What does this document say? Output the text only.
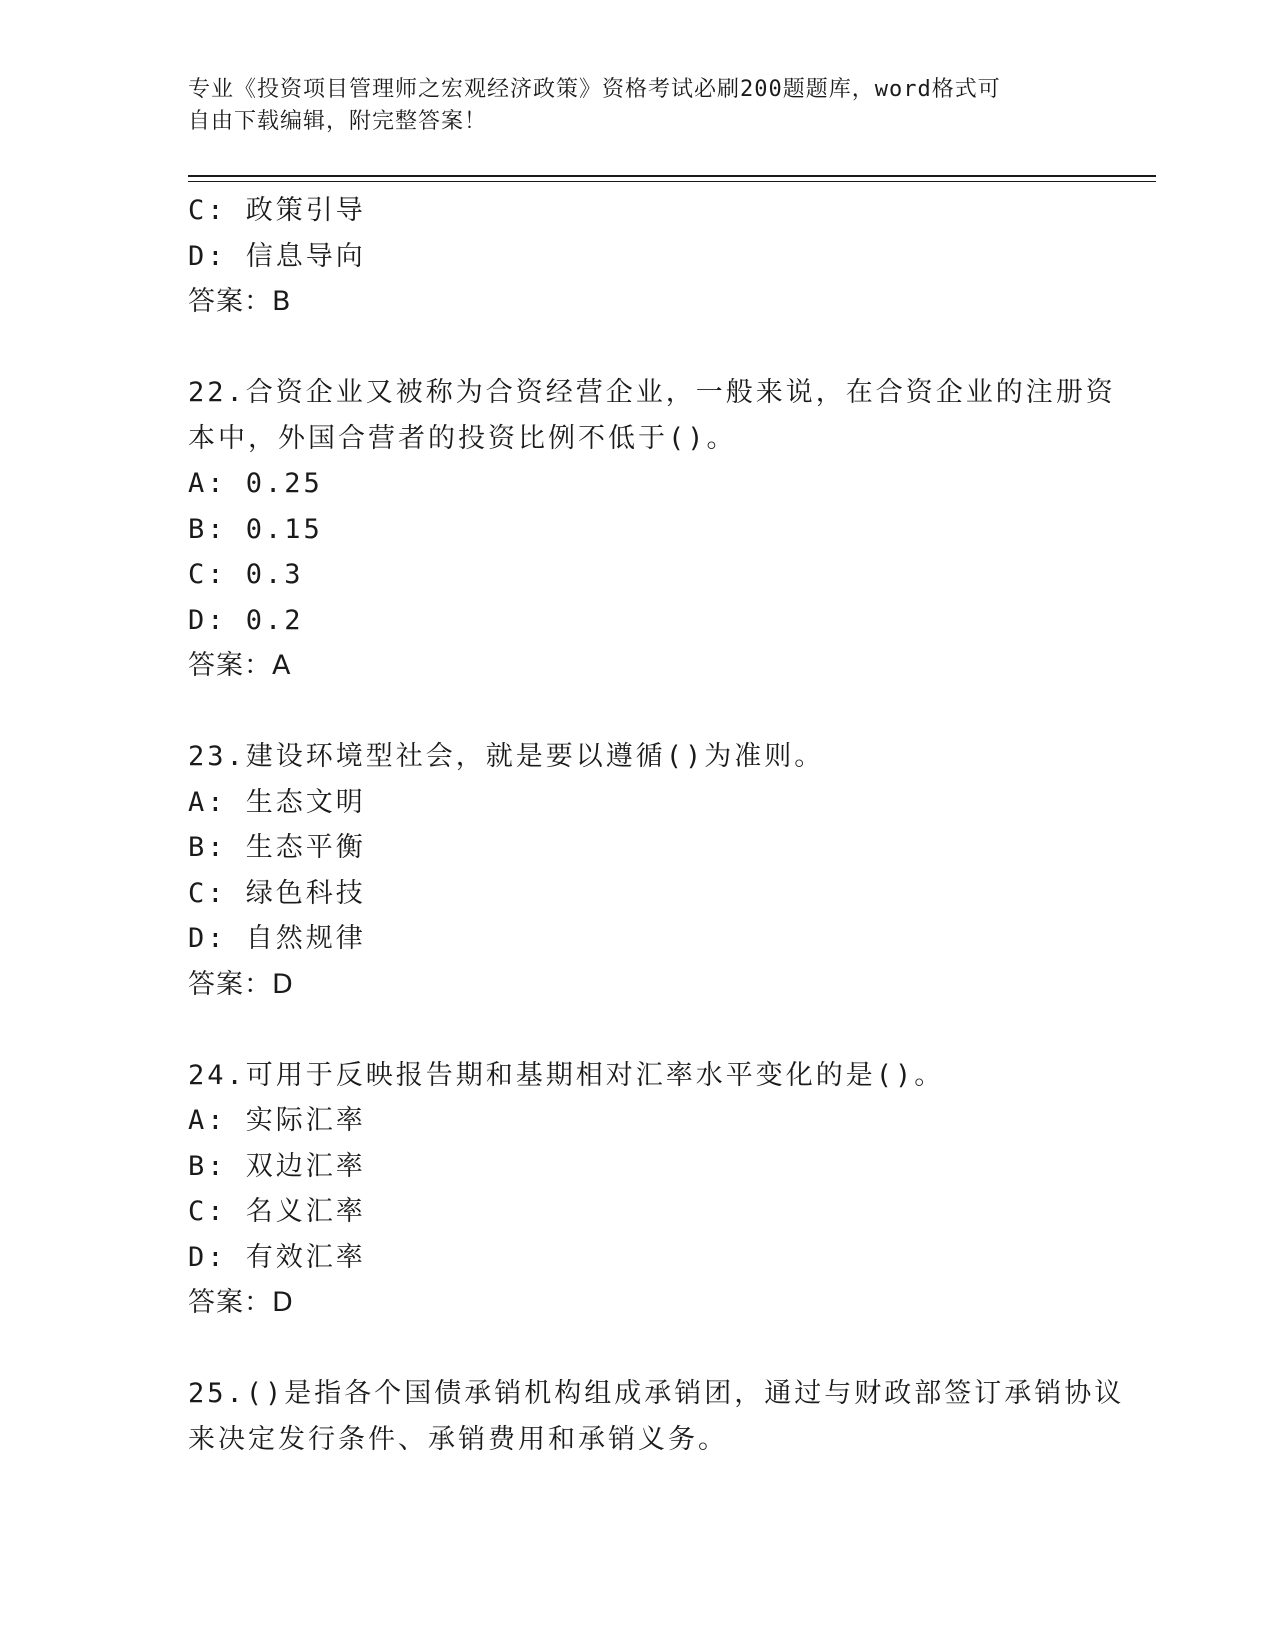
专业《投资项目管理师之宏观经济政策》资格考试必刷200题题库，word格式可
自由下载编辑，附完整答案！
C: 政策引导
D: 信息导向
答案：B
22.合资企业又被称为合资经营企业，一般来说，在合资企业的注册资
本中，外国合营者的投资比例不低于()。
A: 0.25
B: 0.15
C: 0.3
D: 0.2
答案：A
23.建设环境型社会，就是要以遵循()为准则。
A: 生态文明
B: 生态平衡
C: 绿色科技
D: 自然规律
答案：D
24.可用于反映报告期和基期相对汇率水平变化的是()。
A: 实际汇率
B: 双边汇率
C: 名义汇率
D: 有效汇率
答案：D
25.()是指各个国债承销机构组成承销团，通过与财政部签订承销协议
来决定发行条件、承销费用和承销义务。
